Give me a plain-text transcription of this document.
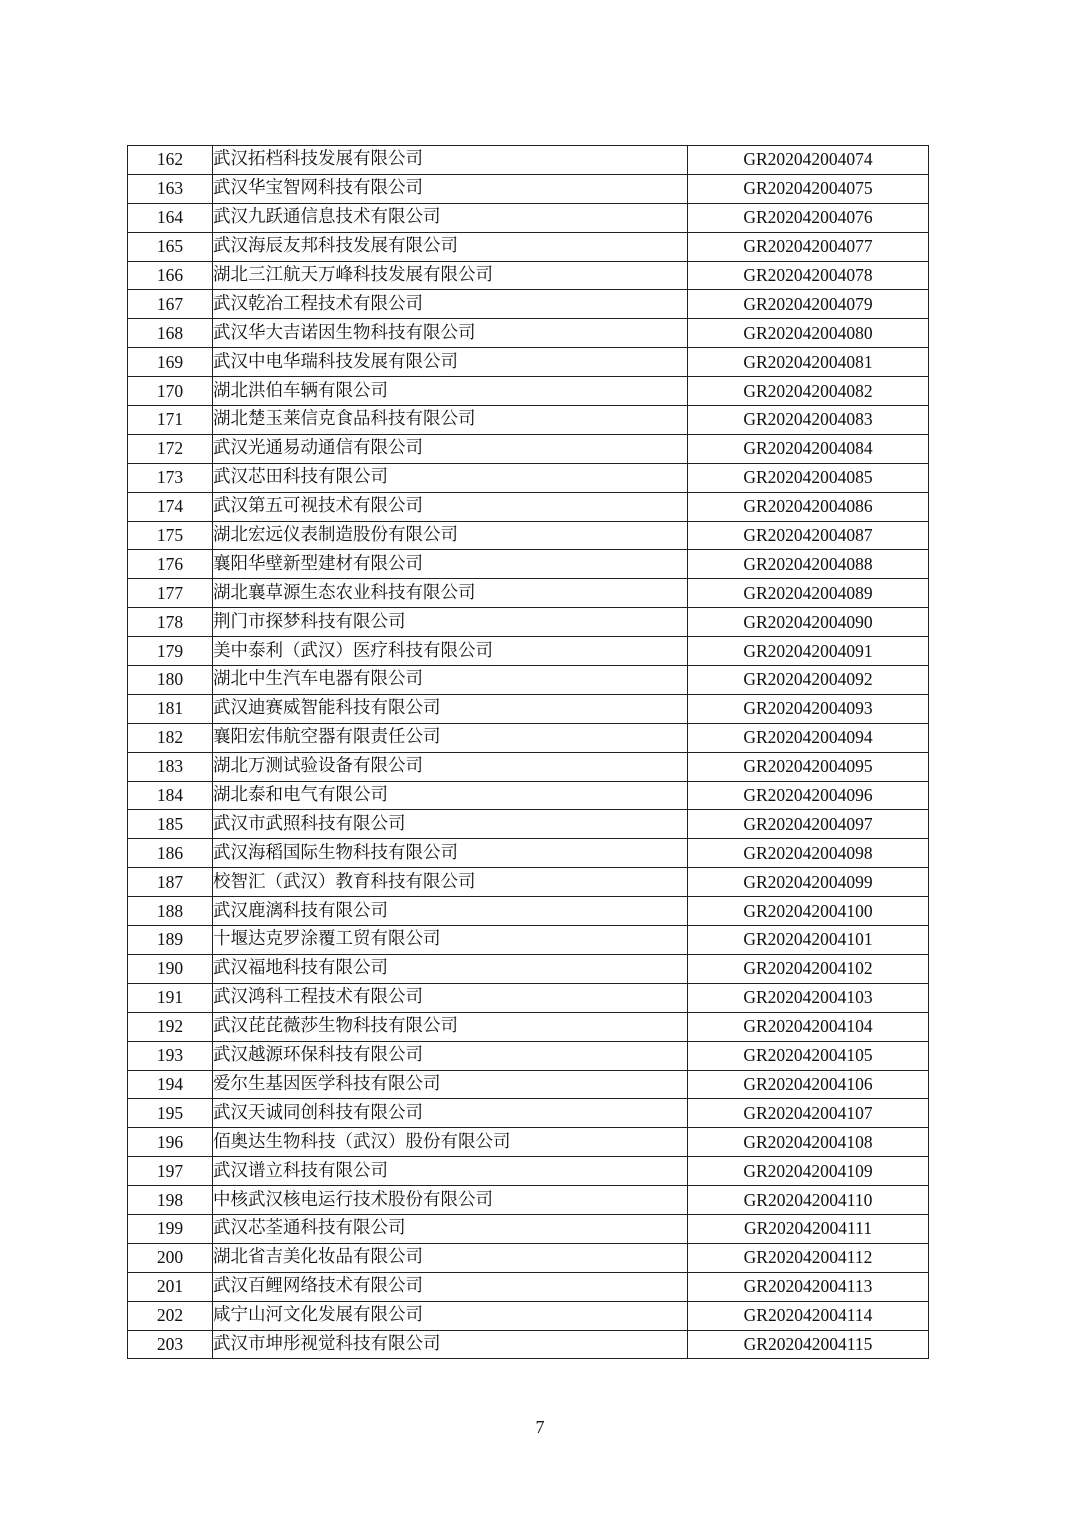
162	武汉拓档科技发展有限公司	GR202042004074
163	武汉华宝智网科技有限公司	GR202042004075
164	武汉九跃通信息技术有限公司	GR202042004076
165	武汉海辰友邦科技发展有限公司	GR202042004077
166	湖北三江航天万峰科技发展有限公司	GR202042004078
167	武汉乾冶工程技术有限公司	GR202042004079
168	武汉华大吉诺因生物科技有限公司	GR202042004080
169	武汉中电华瑞科技发展有限公司	GR202042004081
170	湖北洪伯车辆有限公司	GR202042004082
171	湖北楚玉莱信克食品科技有限公司	GR202042004083
172	武汉光通易动通信有限公司	GR202042004084
173	武汉芯田科技有限公司	GR202042004085
174	武汉第五可视技术有限公司	GR202042004086
175	湖北宏远仪表制造股份有限公司	GR202042004087
176	襄阳华壁新型建材有限公司	GR202042004088
177	湖北襄草源生态农业科技有限公司	GR202042004089
178	荆门市探梦科技有限公司	GR202042004090
179	美中泰利（武汉）医疗科技有限公司	GR202042004091
180	湖北中生汽车电器有限公司	GR202042004092
181	武汉迪赛威智能科技有限公司	GR202042004093
182	襄阳宏伟航空器有限责任公司	GR202042004094
183	湖北万测试验设备有限公司	GR202042004095
184	湖北泰和电气有限公司	GR202042004096
185	武汉市武照科技有限公司	GR202042004097
186	武汉海稻国际生物科技有限公司	GR202042004098
187	校智汇（武汉）教育科技有限公司	GR202042004099
188	武汉鹿漓科技有限公司	GR202042004100
189	十堰达克罗涂覆工贸有限公司	GR202042004101
190	武汉福地科技有限公司	GR202042004102
191	武汉鸿科工程技术有限公司	GR202042004103
192	武汉芘芘薇莎生物科技有限公司	GR202042004104
193	武汉越源环保科技有限公司	GR202042004105
194	爱尔生基因医学科技有限公司	GR202042004106
195	武汉天诚同创科技有限公司	GR202042004107
196	佰奥达生物科技（武汉）股份有限公司	GR202042004108
197	武汉谱立科技有限公司	GR202042004109
198	中核武汉核电运行技术股份有限公司	GR202042004110
199	武汉芯荃通科技有限公司	GR202042004111
200	湖北省吉美化妆品有限公司	GR202042004112
201	武汉百鲤网络技术有限公司	GR202042004113
202	咸宁山河文化发展有限公司	GR202042004114
203	武汉市坤彤视觉科技有限公司	GR202042004115
7
